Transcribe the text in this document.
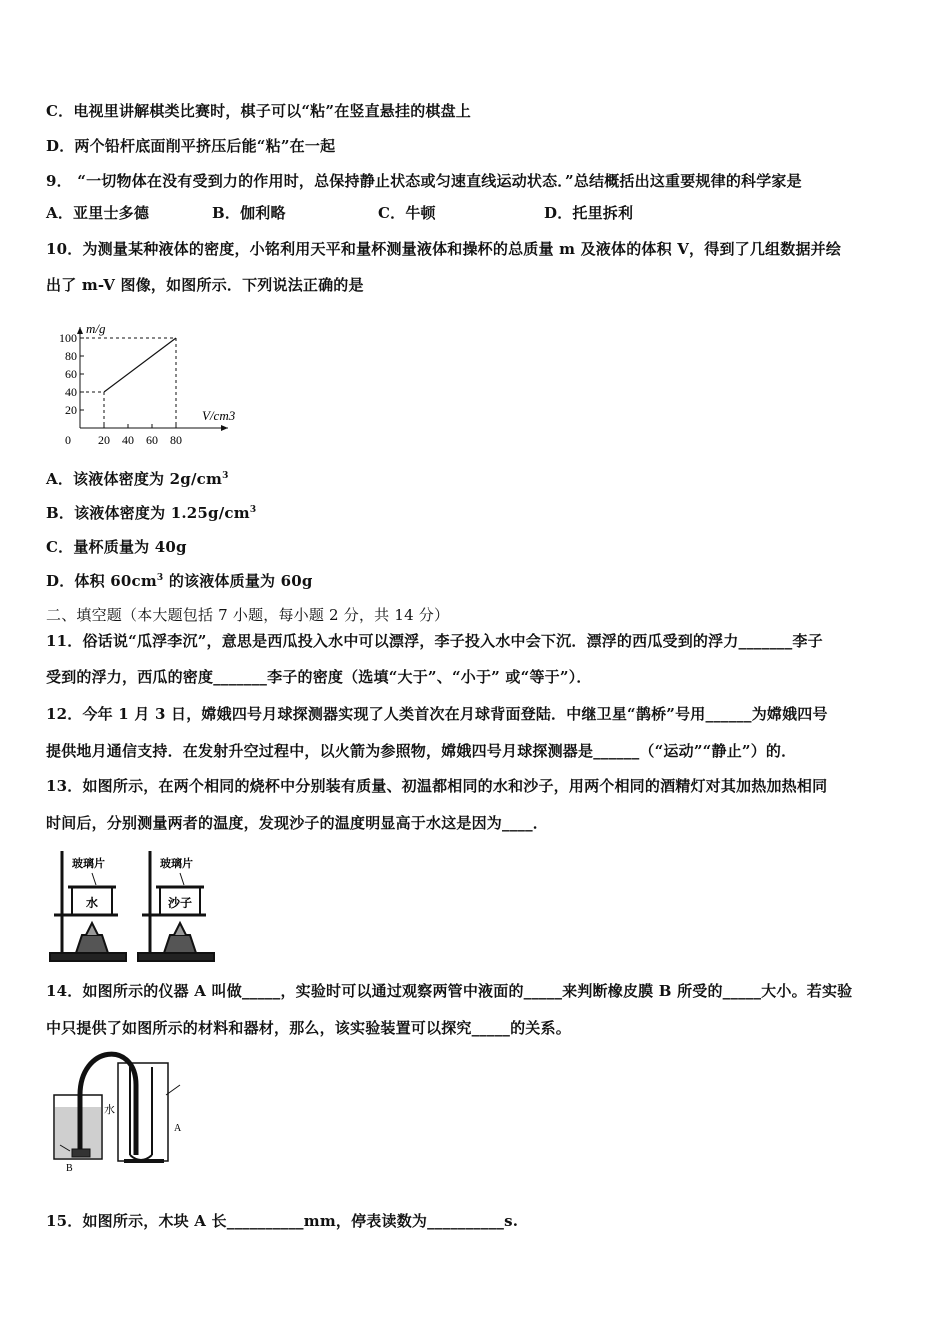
C．电视里讲解棋类比赛时，棋子可以“粘”在竖直悬挂的棋盘上
D．两个铅杆底面削平挤压后能“粘”在一起
9． “一切物体在没有受到力的作用时，总保持静止状态或匀速直线运动状态．”总结概括出这重要规律的科学家是
A．亚里士多德	B．伽利略	C．牛顿	D．托里拆利
10．为测量某种液体的密度，小铭利用天平和量杯测量液体和操杯的总质量 m 及液体的体积 V，得到了几组数据并绘
出了 m-V 图像，如图所示．下列说法正确的是
20
40
60
80
100
0 20 40 60 80
m/g
V/cm3
A．该液体密度为 $2g/cm^3$
B．该液体密度为 $1.25g/cm^3$
C．量杯质量为 40g
D．体积 $60cm^3$ 的该液体质量为 60g
二、填空题（本大题包括 7 小题，每小题 2 分，共 14 分）
11．俗话说“瓜浮李沉”，意思是西瓜投入水中可以漂浮，李子投入水中会下沉．漂浮的西瓜受到的浮力_______李子
受到的浮力，西瓜的密度_______李子的密度（选填“大于”、“小于” 或“等于”）．
12．今年 1 月 3 日，嫦娥四号月球探测器实现了人类首次在月球背面登陆．中继卫星“鹊桥”号用______为嫦娥四号
提供地月通信支持．在发射升空过程中，以火箭为参照物，嫦娥四号月球探测器是______（“运动”“静止”）的．
13．如图所示，在两个相同的烧杯中分别装有质量、初温都相同的水和沙子，用两个相同的酒精灯对其加热加热相同
时间后，分别测量两者的温度，发现沙子的温度明显高于水这是因为____．
玻璃片
水
玻璃片
沙子
14．如图所示的仪器 A 叫做_____，实验时可以通过观察两管中液面的_____来判断橡皮膜 B 所受的_____大小。若实验
中只提供了如图所示的材料和器材，那么，该实验装置可以探究_____的关系。
水
A
B
15．如图所示，木块 A 长__________mm，停表读数为__________s.
